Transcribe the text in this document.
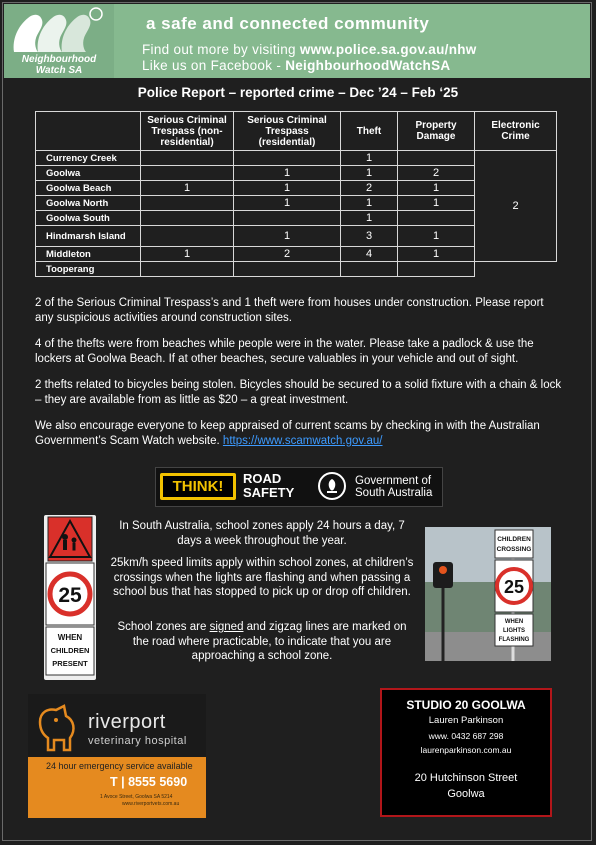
Neighbourhood Watch SA
a safe and connected community
Find out more by visiting www.police.sa.gov.au/nhw
Like us on Facebook - NeighbourhoodWatchSA
Police Report – reported crime – Dec ’24 – Feb ‘25
	Serious Criminal Trespass (non-residential)	Serious Criminal Trespass (residential)	Theft	Property Damage	Electronic Crime
Currency Creek			1		2
Goolwa		1	1	2	
Goolwa Beach	1	1	2	1	
Goolwa North		1	1	1	
Goolwa South			1		
Hindmarsh Island		1	3	1	
Middleton	1	2	4	1	
Tooperang					
2 of the Serious Criminal Trespass’s and 1 theft were from houses under construction. Please report any suspicious activities around construction sites.
4 of the thefts were from beaches while people were in the water. Please take a padlock & use the lockers at Goolwa Beach. If at other beaches, secure valuables in your vehicle and out of sight.
2 thefts related to bicycles being stolen. Bicycles should be secured to a solid fixture with a chain & lock – they are available from as little as $20 – a great investment.
We also encourage everyone to keep appraised of current scams by checking in with the Australian Government’s Scam Watch website. https://www.scamwatch.gov.au/
THINK!	ROAD
SAFETY
Government of
South Australia
25
WHEN
CHILDREN
PRESENT
In South Australia, school zones apply 24 hours a day, 7 days a week throughout the year.
25km/h speed limits apply within school zones, at children’s crossings when the lights are flashing and when passing a school bus that has stopped to pick up or drop off children.
School zones are signed and zigzag lines are marked on the road where practicable, to indicate that you are approaching a school zone.
CHILDREN
CROSSING
25
WHEN
LIGHTS
FLASHING
riverport
veterinary hospital
24 hour emergency service available
T | 8555 5690
1 Avoce Street, Goolwa SA 5214
www.riverportvets.com.au
STUDIO 20 GOOLWA
Lauren Parkinson
www. 0432 687 298
laurenparkinson.com.au
20 Hutchinson Street
Goolwa
